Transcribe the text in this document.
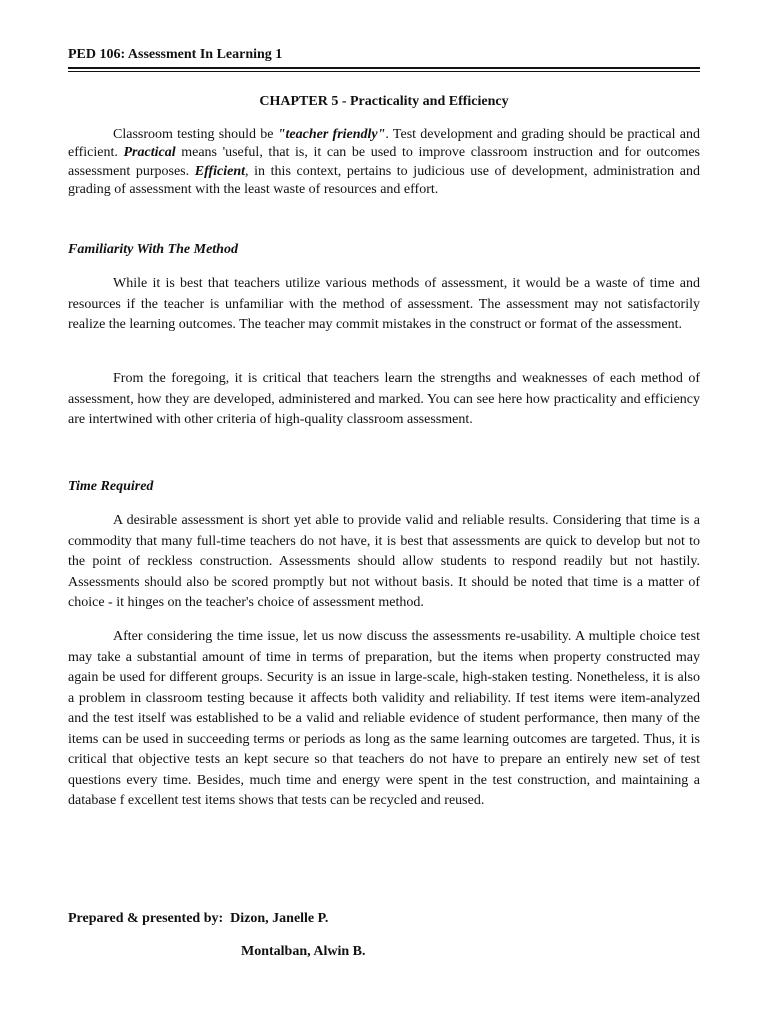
PED 106: Assessment In Learning 1
CHAPTER 5 - Practicality and Efficiency

Classroom testing should be "teacher friendly". Test development and grading should be practical and efficient. Practical means 'useful, that is, it can be used to improve classroom instruction and for outcomes assessment purposes. Efficient, in this context, pertains to judicious use of development, administration and grading of assessment with the least waste of resources and effort.

Familiarity With The Method

While it is best that teachers utilize various methods of assessment, it would be a waste of time and resources if the teacher is unfamiliar with the method of assessment. The assessment may not satisfactorily realize the learning outcomes. The teacher may commit mistakes in the construct or format of the assessment.

From the foregoing, it is critical that teachers learn the strengths and weaknesses of each method of assessment, how they are developed, administered and marked. You can see here how practicality and efficiency are intertwined with other criteria of high-quality classroom assessment.

Time Required

A desirable assessment is short yet able to provide valid and reliable results. Considering that time is a commodity that many full-time teachers do not have, it is best that assessments are quick to develop but not to the point of reckless construction. Assessments should allow students to respond readily but not hastily. Assessments should also be scored promptly but not without basis. It should be noted that time is a matter of choice - it hinges on the teacher's choice of assessment method.

After considering the time issue, let us now discuss the assessments re-usability. A multiple choice test may take a substantial amount of time in terms of preparation, but the items when property constructed may again be used for different groups. Security is an issue in large-scale, high-staken testing. Nonetheless, it is also a problem in classroom testing because it affects both validity and reliability. If test items were item-analyzed and the test itself was established to be a valid and reliable evidence of student performance, then many of the items can be used in succeeding terms or periods as long as the same learning outcomes are targeted. Thus, it is critical that objective tests an kept secure so that teachers do not have to prepare an entirely new set of test questions every time. Besides, much time and energy were spent in the test construction, and maintaining a database f excellent test items shows that tests can be recycled and reused.

Prepared & presented by: Dizon, Janelle P.
Montalban, Alwin B.
